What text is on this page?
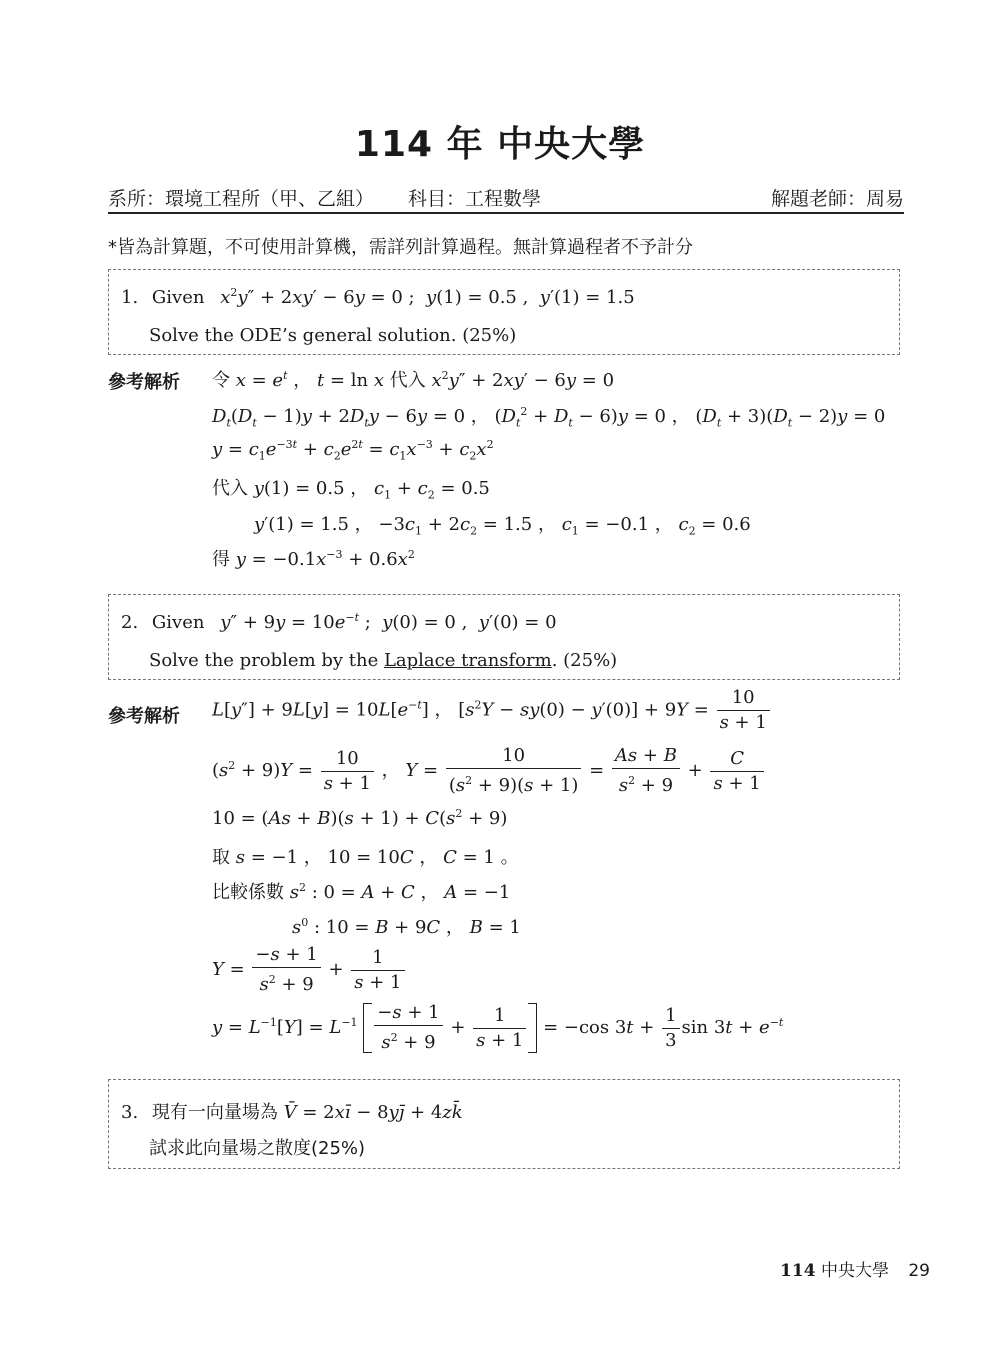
114 年 中央大學
系所：環境工程所（甲、乙組） 科目：工程數學	解題老師：周易
*皆為計算題，不可使用計算機，需詳列計算過程。無計算過程者不予計分
1. Given $x^2y'' + 2xy' - 6y = 0$ ;  y(1) = 0.5 ,  y′(1) = 1.5
Solve the ODE’s general solution. (25%)
參考解析 令 $x = e^t$ ， t = ln x 代入 $x^2y'' + 2xy' - 6y = 0$
$D_t(D_t - 1)y + 2D_ty - 6y = 0$ ， $(D_t^2 + D_t - 6)y = 0$ ， $(D_t + 3)(D_t - 2)y = 0$
$y = c_1e^{-3t} + c_2e^{2t} = c_1x^{-3} + c_2x^2$
代入 y(1) = 0.5 ， $c_1 + c_2 = 0.5$
y′(1) = 1.5 ， $-3c_1 + 2c_2 = 1.5$ ， $c_1 = -0.1$ ， $c_2 = 0.6$
得 $y = -0.1x^{-3} + 0.6x^2$
2. Given $y'' + 9y = 10e^{-t}$ ;  y(0) = 0 ,  y′(0) = 0
Solve the problem by the Laplace transform. (25%)
參考解析 $L[y''] + 9L[y] = 10L[e^{-t}]$ ， $[s^2Y - sy(0) - y'(0)] + 9Y = \frac{10}{s + 1}$
$(s^2 + 9)Y = \frac{10}{s + 1}$ ， $Y = \frac{10}{(s^2 + 9)(s + 1)} = \frac{As + B}{s^2 + 9} + \frac{C}{s + 1}$
$10 = (As + B)(s + 1) + C(s^2 + 9)$
取 s = −1 ， 10 = 10C ， C = 1 。
比較係數 $s^2$ : 0 = A + C ， A = −1
$s^0$ : 10 = B + 9C ， B = 1
$Y = \frac{-s + 1}{s^2 + 9} + \frac{1}{s + 1}$
$y = L^{-1}[Y] = L^{-1} \frac{-s + 1}{s^2 + 9} + \frac{1}{s + 1} = -\cos$ $3t + \frac{1}{3}$ $\sin 3t + e^{-t}$
3. 現有一向量場為 V̄ = 2xī − 8yj̄ + 4zk̄
試求此向量場之散度(25%)
114 中央大學 29
